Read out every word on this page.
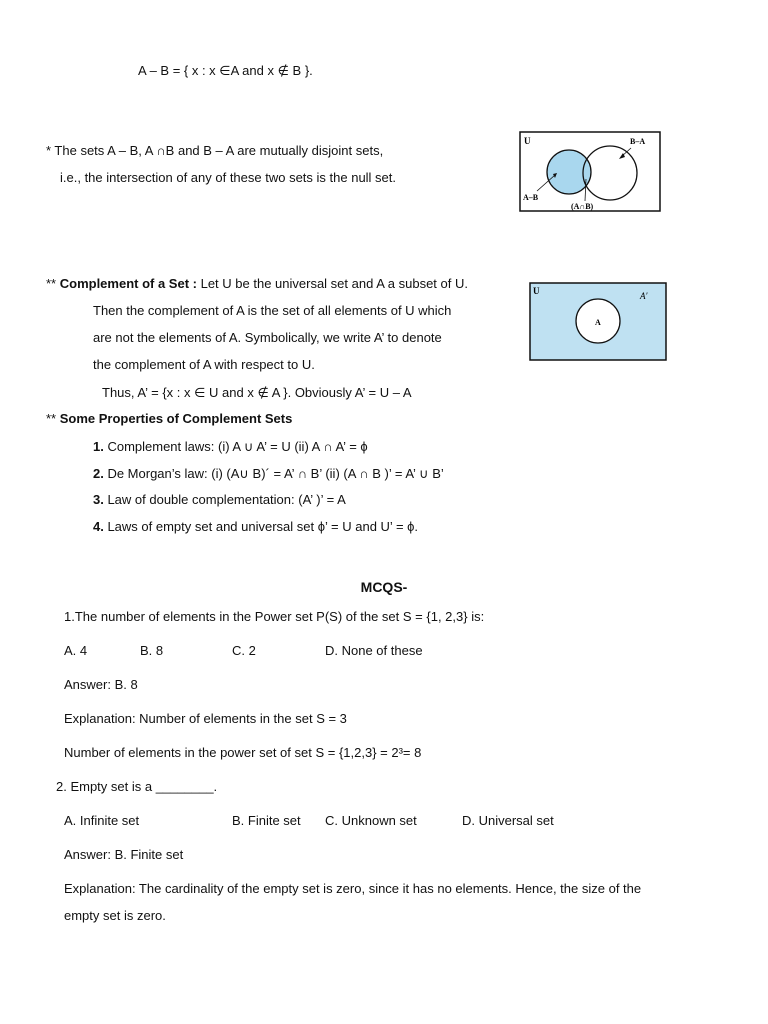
A – B = { x : x ∈A and x ∉ B }.
* The sets A – B, A ∩B and B – A are mutually disjoint sets,
i.e., the intersection of any of these two sets is the null set.
U	B–A
A–B
(A∩B)
** Complement of a Set : Let U be the universal set and A a subset of U.
Then the complement of A is the set of all elements of U which
are not the elements of A. Symbolically, we write A’ to denote
the complement of A with respect to U.
Thus, A’ = {x : x ∈ U and x ∉ A }. Obviously A’ = U – A
U
A
A′
** Some Properties of Complement Sets
1. Complement laws: (i) A ∪ A’ = U (ii) A ∩ A’ = ϕ
2. De Morgan’s law: (i) (A∪ B)´ = A’ ∩ B’ (ii) (A ∩ B )’ = A’ ∪ B’
3. Law of double complementation: (A’ )’ = A
4. Laws of empty set and universal set ϕ’ = U and U’ = ϕ.
MCQS-
1.The number of elements in the Power set P(S) of the set S = {1, 2,3} is:
A. 4	B. 8	C. 2	D. None of these
Answer: B. 8
Explanation: Number of elements in the set S = 3
Number of elements in the power set of set S = {1,2,3} = 2³= 8
2. Empty set is a ________.
A. Infinite set	B. Finite set C. Unknown set	D. Universal set
Answer: B. Finite set
Explanation: The cardinality of the empty set is zero, since it has no elements. Hence, the size of the
empty set is zero.
